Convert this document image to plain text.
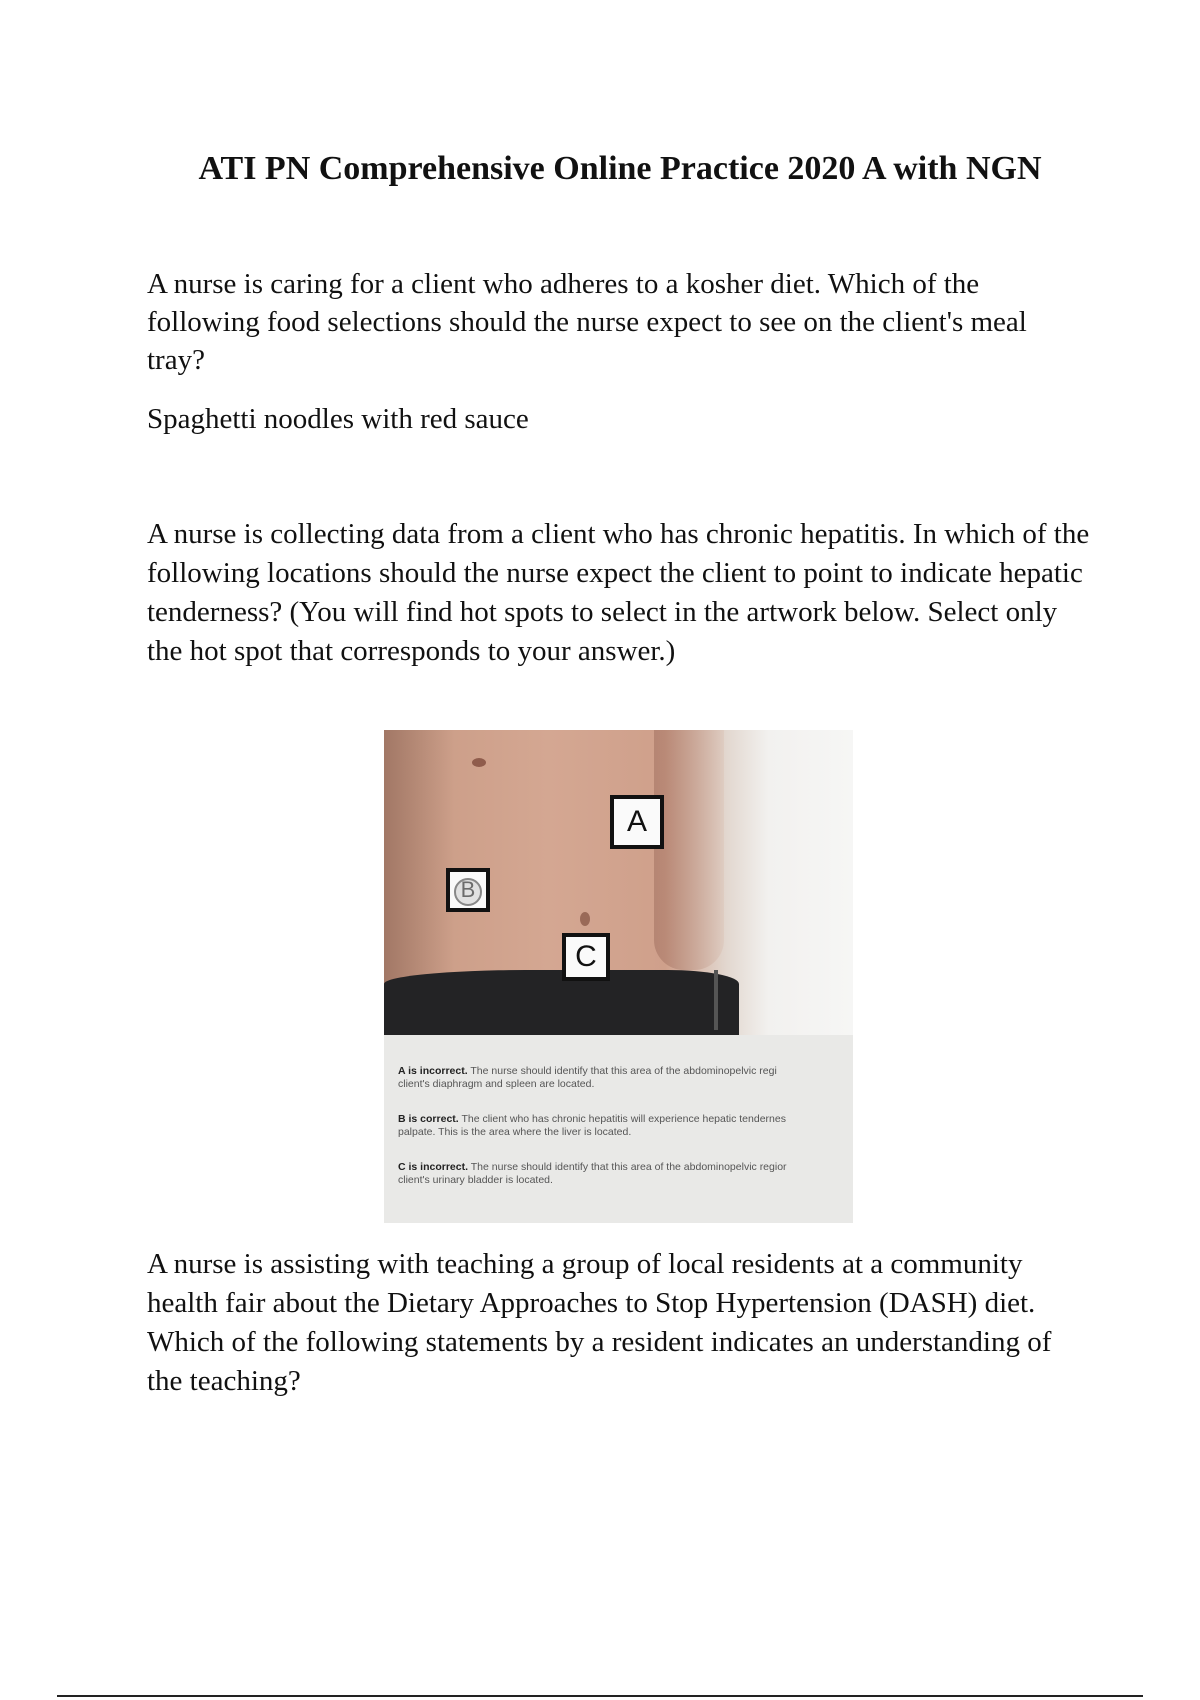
ATI PN Comprehensive Online Practice 2020 A with NGN
A nurse is caring for a client who adheres to a kosher diet. Which of the following food selections should the nurse expect to see on the client's meal tray?
Spaghetti noodles with red sauce
A nurse is collecting data from a client who has chronic hepatitis. In which of the following locations should the nurse expect the client to point to indicate hepatic tenderness? (You will find hot spots to select in the artwork below. Select only the hot spot that corresponds to your answer.)
A
C
A is incorrect. The nurse should identify that this area of the abdominopelvic regi
client's diaphragm and spleen are located.
B is correct. The client who has chronic hepatitis will experience hepatic tendernes
palpate. This is the area where the liver is located.
C is incorrect. The nurse should identify that this area of the abdominopelvic regior
client's urinary bladder is located.
A nurse is assisting with teaching a group of local residents at a community health fair about the Dietary Approaches to Stop Hypertension (DASH) diet. Which of the following statements by a resident indicates an understanding of the teaching?
